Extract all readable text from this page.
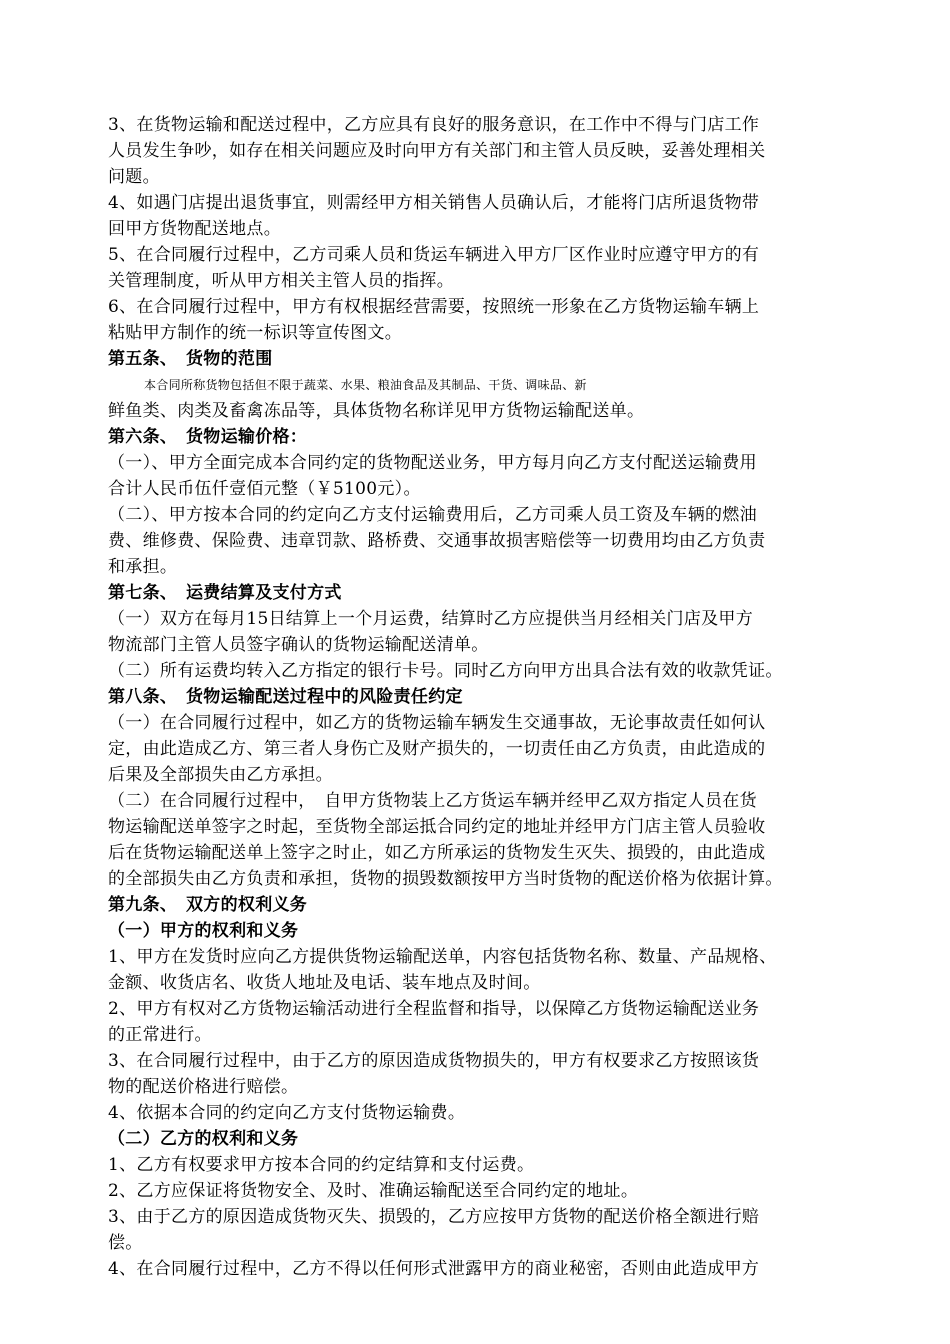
3、在货物运输和配送过程中，乙方应具有良好的服务意识，在工作中不得与门店工作
人员发生争吵，如存在相关问题应及时向甲方有关部门和主管人员反映，妥善处理相关
问题。
4、如遇门店提出退货事宜，则需经甲方相关销售人员确认后，才能将门店所退货物带
回甲方货物配送地点。
5、在合同履行过程中，乙方司乘人员和货运车辆进入甲方厂区作业时应遵守甲方的有
关管理制度，听从甲方相关主管人员的指挥。
6、在合同履行过程中，甲方有权根据经营需要，按照统一形象在乙方货物运输车辆上
粘贴甲方制作的统一标识等宣传图文。
第五条、　货物的范围
本合同所称货物包括但不限于蔬菜、水果、粮油食品及其制品、干货、调味品、新
鲜鱼类、肉类及畜禽冻品等，具体货物名称详见甲方货物运输配送单。
第六条、　货物运输价格：
（一）、甲方全面完成本合同约定的货物配送业务，甲方每月向乙方支付配送运输费用
合计人民币伍仟壹佰元整（￥5100元）。
（二）、甲方按本合同的约定向乙方支付运输费用后，乙方司乘人员工资及车辆的燃油
费、维修费、保险费、违章罚款、路桥费、交通事故损害赔偿等一切费用均由乙方负责
和承担。
第七条、　运费结算及支付方式
（一）双方在每月15日结算上一个月运费，结算时乙方应提供当月经相关门店及甲方
物流部门主管人员签字确认的货物运输配送清单。
（二）所有运费均转入乙方指定的银行卡号。同时乙方向甲方出具合法有效的收款凭证。
第八条、　货物运输配送过程中的风险责任约定
（一）在合同履行过程中，如乙方的货物运输车辆发生交通事故，无论事故责任如何认
定，由此造成乙方、第三者人身伤亡及财产损失的，一切责任由乙方负责，由此造成的
后果及全部损失由乙方承担。
（二）在合同履行过程中，　自甲方货物装上乙方货运车辆并经甲乙双方指定人员在货
物运输配送单签字之时起，至货物全部运抵合同约定的地址并经甲方门店主管人员验收
后在货物运输配送单上签字之时止，如乙方所承运的货物发生灭失、损毁的，由此造成
的全部损失由乙方负责和承担，货物的损毁数额按甲方当时货物的配送价格为依据计算。
第九条、　双方的权利义务
（一）甲方的权利和义务
1、甲方在发货时应向乙方提供货物运输配送单，内容包括货物名称、数量、产品规格、
金额、收货店名、收货人地址及电话、装车地点及时间。
2、甲方有权对乙方货物运输活动进行全程监督和指导，以保障乙方货物运输配送业务
的正常进行。
3、在合同履行过程中，由于乙方的原因造成货物损失的，甲方有权要求乙方按照该货
物的配送价格进行赔偿。
4、依据本合同的约定向乙方支付货物运输费。
（二）乙方的权利和义务
1、乙方有权要求甲方按本合同的约定结算和支付运费。
2、乙方应保证将货物安全、及时、准确运输配送至合同约定的地址。
3、由于乙方的原因造成货物灭失、损毁的，乙方应按甲方货物的配送价格全额进行赔
偿。
4、在合同履行过程中，乙方不得以任何形式泄露甲方的商业秘密，否则由此造成甲方
